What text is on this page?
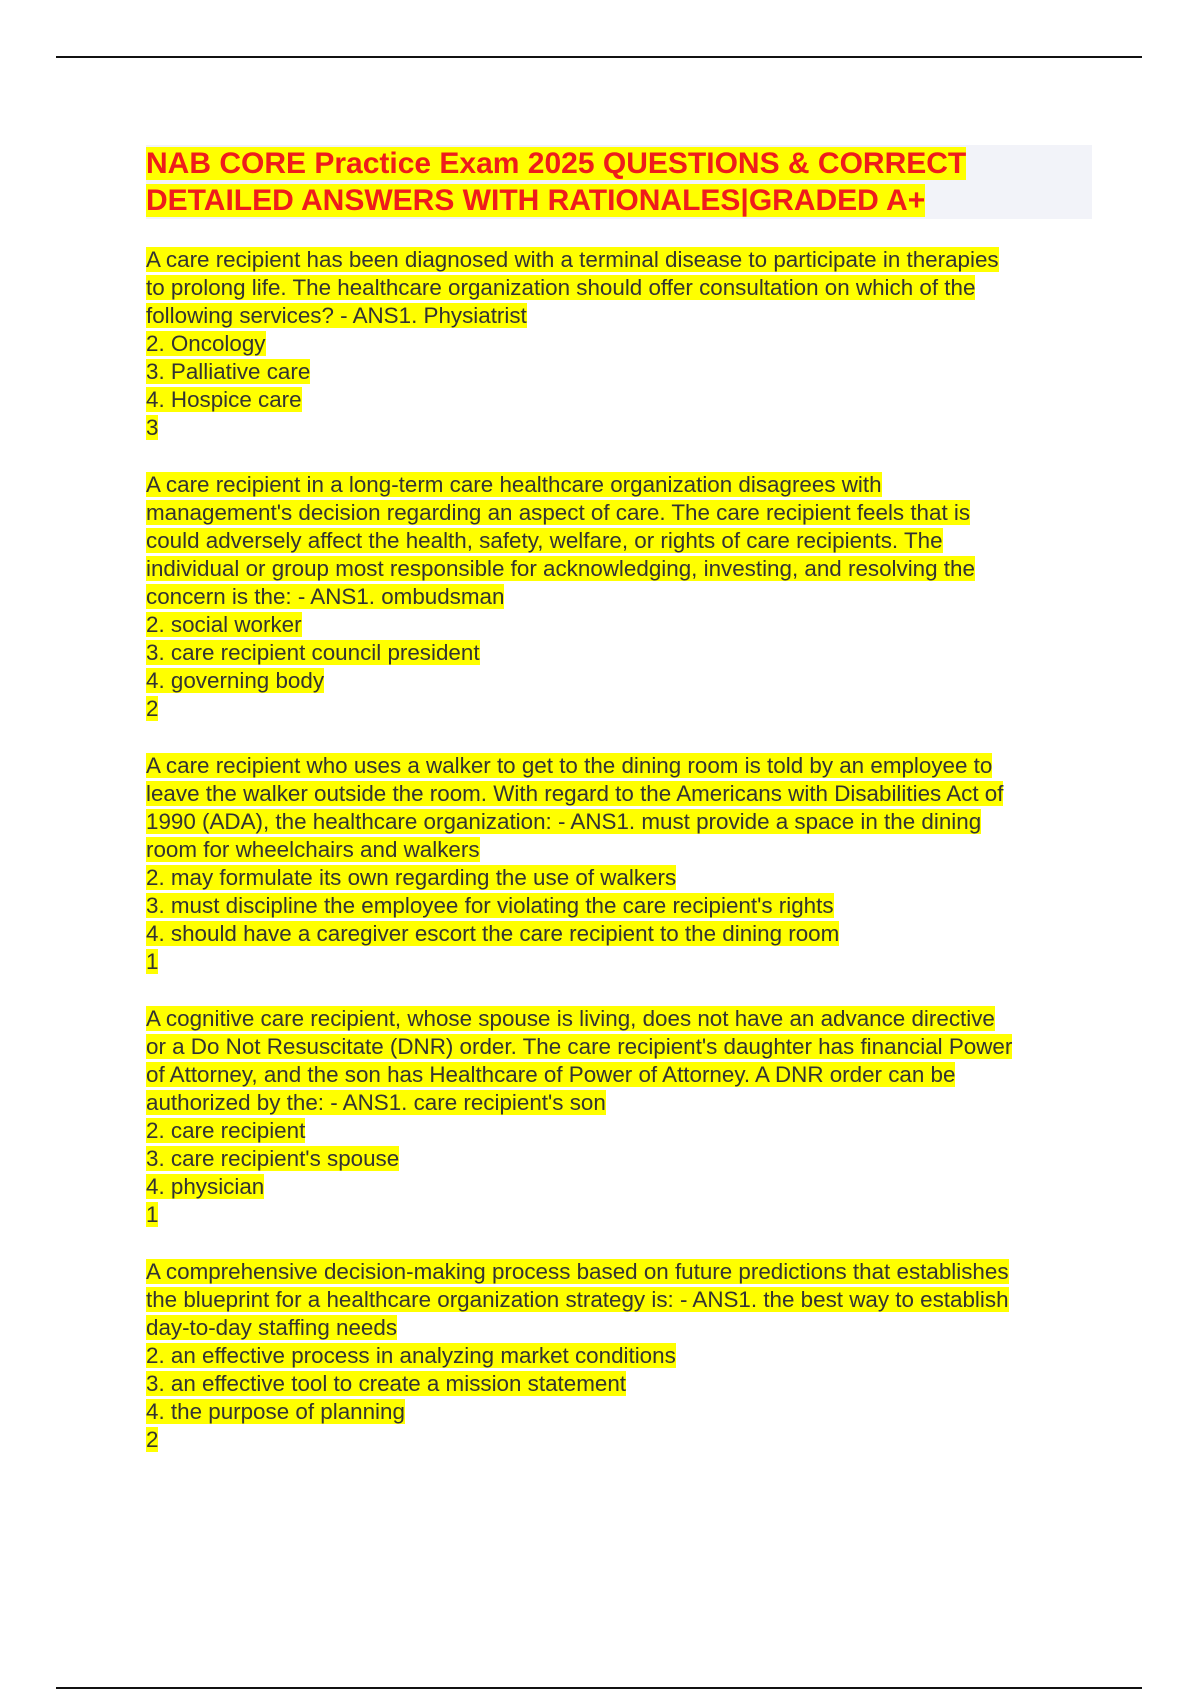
NAB CORE Practice Exam 2025 QUESTIONS & CORRECT
DETAILED ANSWERS WITH RATIONALES|GRADED A+
A care recipient has been diagnosed with a terminal disease to participate in therapies
to prolong life. The healthcare organization should offer consultation on which of the
following services? - ANS1. Physiatrist
2. Oncology
3. Palliative care
4. Hospice care
3
A care recipient in a long-term care healthcare organization disagrees with
management's decision regarding an aspect of care. The care recipient feels that is
could adversely affect the health, safety, welfare, or rights of care recipients. The
individual or group most responsible for acknowledging, investing, and resolving the
concern is the: - ANS1. ombudsman
2. social worker
3. care recipient council president
4. governing body
2
A care recipient who uses a walker to get to the dining room is told by an employee to
leave the walker outside the room. With regard to the Americans with Disabilities Act of
1990 (ADA), the healthcare organization: - ANS1. must provide a space in the dining
room for wheelchairs and walkers
2. may formulate its own regarding the use of walkers
3. must discipline the employee for violating the care recipient's rights
4. should have a caregiver escort the care recipient to the dining room
1
A cognitive care recipient, whose spouse is living, does not have an advance directive
or a Do Not Resuscitate (DNR) order. The care recipient's daughter has financial Power
of Attorney, and the son has Healthcare of Power of Attorney. A DNR order can be
authorized by the: - ANS1. care recipient's son
2. care recipient
3. care recipient's spouse
4. physician
1
A comprehensive decision-making process based on future predictions that establishes
the blueprint for a healthcare organization strategy is: - ANS1. the best way to establish
day-to-day staffing needs
2. an effective process in analyzing market conditions
3. an effective tool to create a mission statement
4. the purpose of planning
2
